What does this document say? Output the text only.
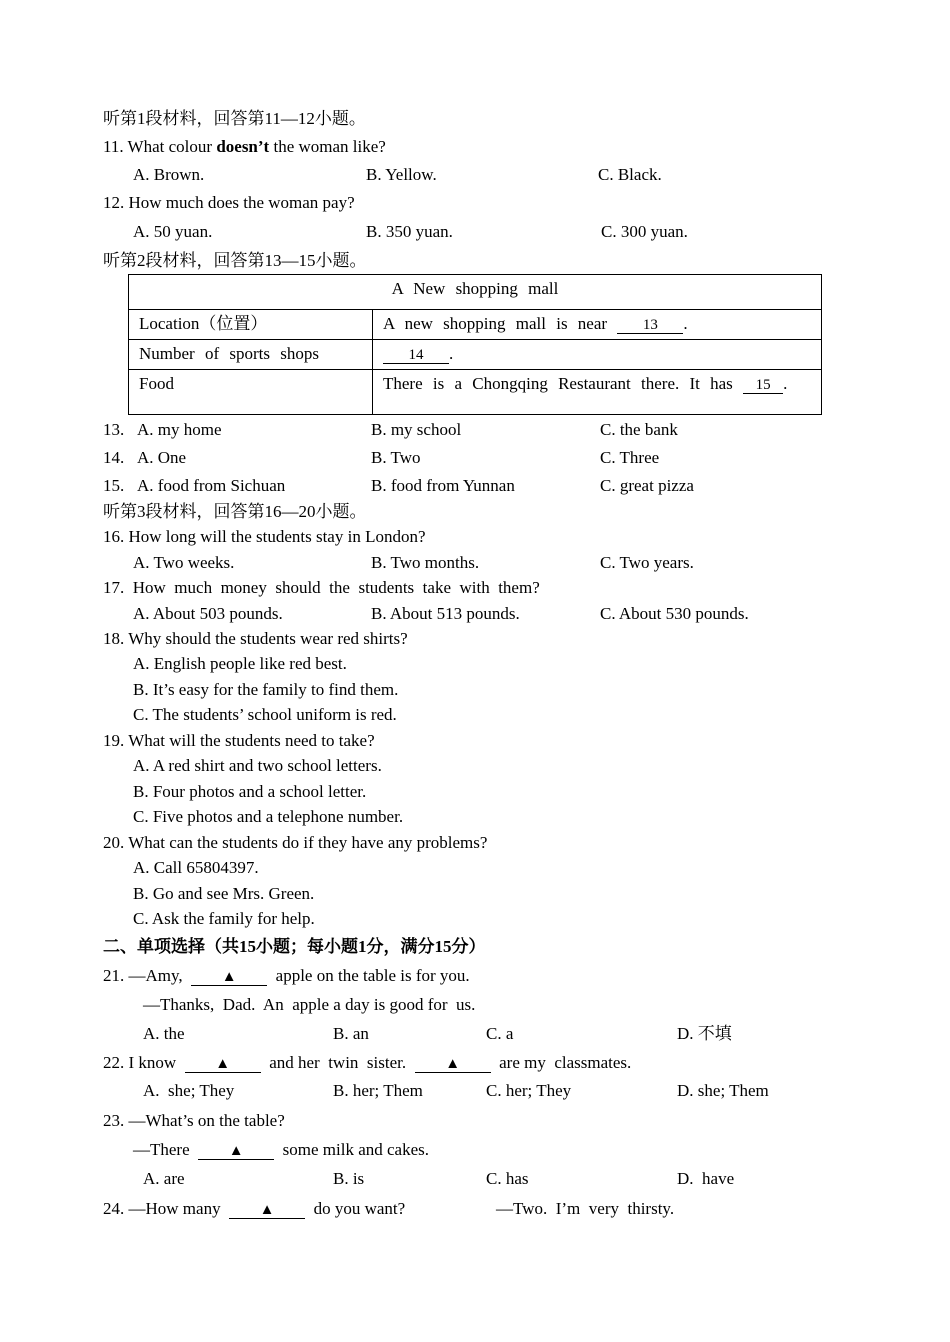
听第1段材料，回答第11—12小题。
11. What colour doesn’t the woman like?
A. Brown.	B. Yellow.	C. Black.
12. How much does the woman pay?
A. 50 yuan.	B. 350 yuan.	C. 300 yuan.
听第2段材料，回答第13—15小题。
A New shopping mall	
Location（位置）	A new shopping mall is near 13 .
Number of sports shops	14 .
Food	There is a Chongqing Restaurant there. It has 15 .
13. A. my home	B. my school	C. the bank
14. A. One	B. Two	C. Three
15. A. food from Sichuan	B. food from Yunnan	C. great pizza
听第3段材料，回答第16—20小题。
16. How long will the students stay in London?
A. Two weeks.	B. Two months.	C. Two years.
17.  How  much  money  should  the  students  take  with  them?
A. About 503 pounds.	B. About 513 pounds.	C. About 530 pounds.
18. Why should the students wear red shirts?
A. English people like red best.
B. It’s easy for the family to find them.
C. The students’ school uniform is red.
19. What will the students need to take?
A. A red shirt and two school letters.
B. Four photos and a school letter.
C. Five photos and a telephone number.
20. What can the students do if they have any problems?
A. Call 65804397.
B. Go and see Mrs. Green.
C. Ask the family for help.
二、单项选择（共15小题；每小题1分，满分15分）
21. —Amy,  ▲  apple on the table is for you.
—Thanks,  Dad.  An  apple a day is good for  us.
A. the	B. an	C. a	D. 不填
22. I know  ▲  and her  twin  sister.  ▲  are my  classmates.
A.  she; They	B. her; Them	C. her; They	D. she; Them
23. —What’s on the table?
—There  ▲  some milk and cakes.
A. are	B. is	C. has	D.  have
24. —How many  ▲  do you want?	—Two.  I’m  very  thirsty.
